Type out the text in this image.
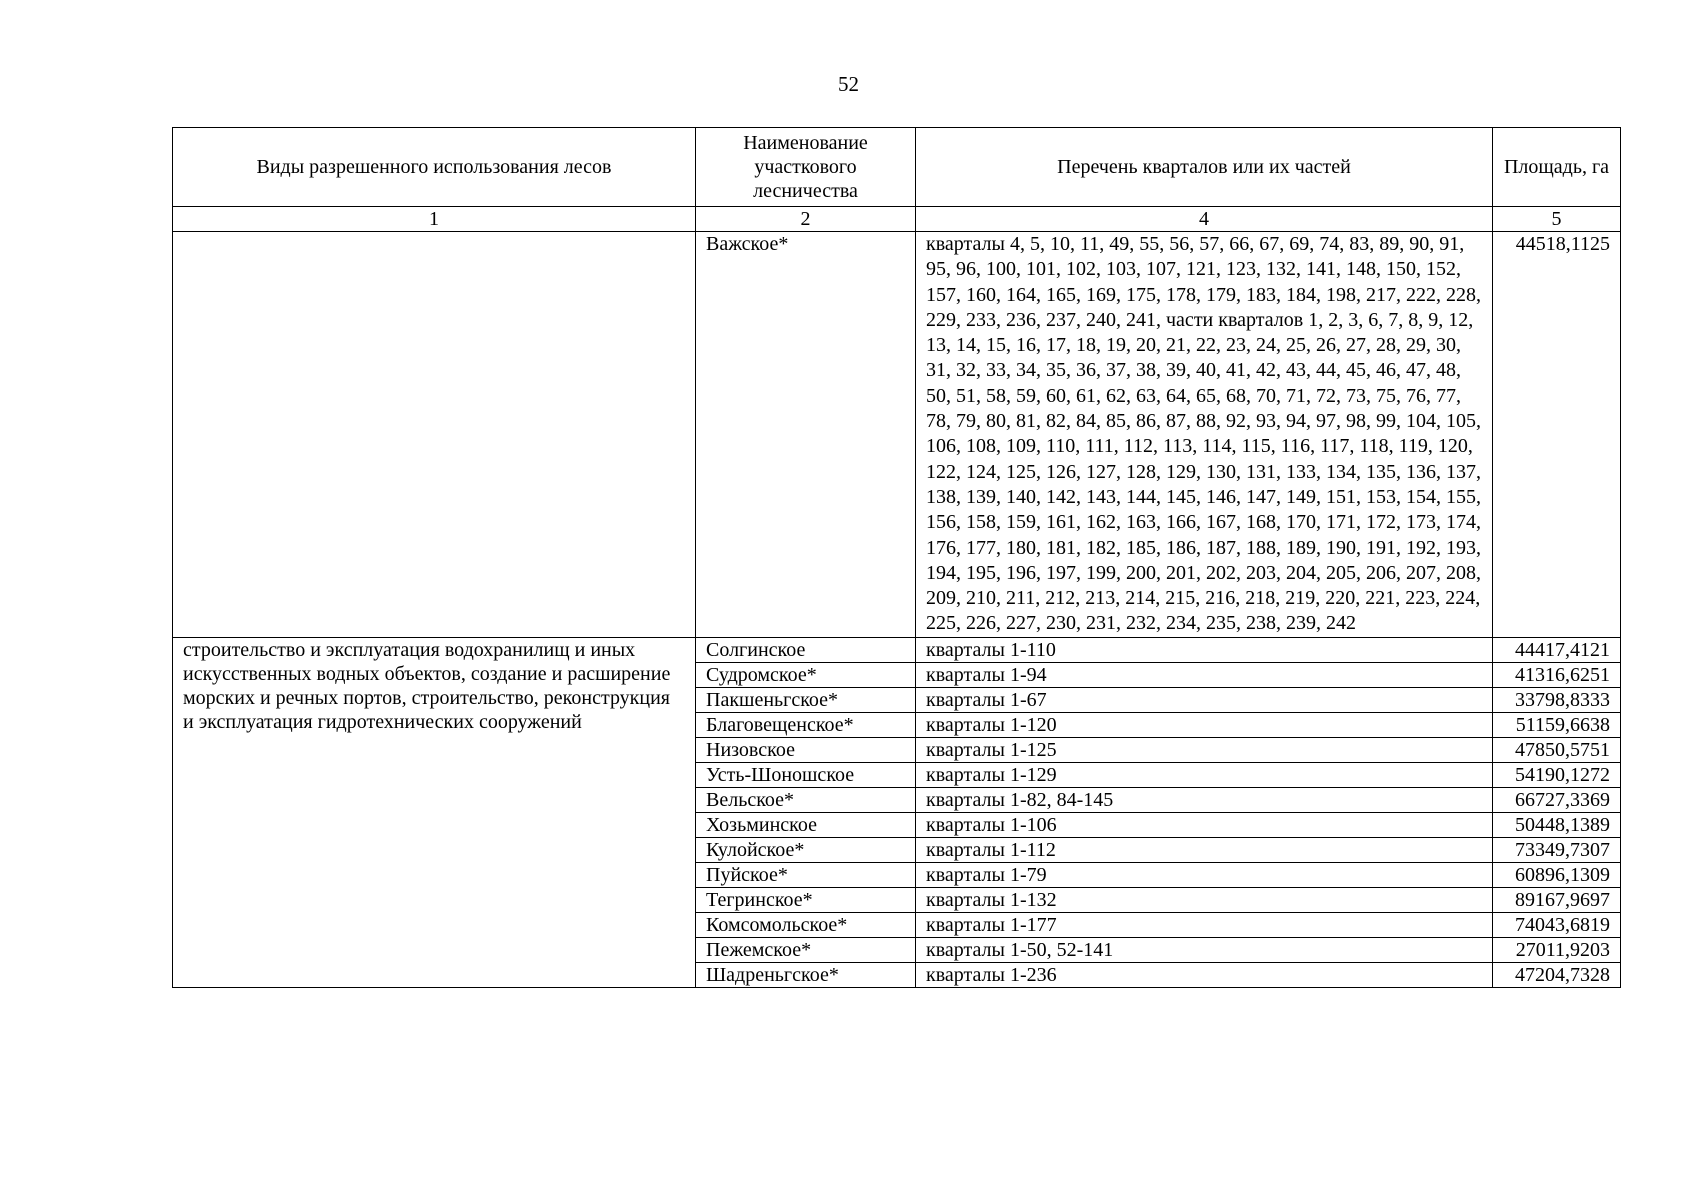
52
Виды разрешенного использования лесов	Наименование участкового лесничества	Перечень кварталов или их частей	Площадь, га
1	2	4	5
	Важское*	кварталы 4, 5, 10, 11, 49, 55, 56, 57, 66, 67, 69, 74, 83, 89, 90, 91, 95, 96, 100, 101, 102, 103, 107, 121, 123, 132, 141, 148, 150, 152, 157, 160, 164, 165, 169, 175, 178, 179, 183, 184, 198, 217, 222, 228, 229, 233, 236, 237, 240, 241, части кварталов 1, 2, 3, 6, 7, 8, 9, 12, 13, 14, 15, 16, 17, 18, 19, 20, 21, 22, 23, 24, 25, 26, 27, 28, 29, 30, 31, 32, 33, 34, 35, 36, 37, 38, 39, 40, 41, 42, 43, 44, 45, 46, 47, 48, 50, 51, 58, 59, 60, 61, 62, 63, 64, 65, 68, 70, 71, 72, 73, 75, 76, 77, 78, 79, 80, 81, 82, 84, 85, 86, 87, 88, 92, 93, 94, 97, 98, 99, 104, 105, 106, 108, 109, 110, 111, 112, 113, 114, 115, 116, 117, 118, 119, 120, 122, 124, 125, 126, 127, 128, 129, 130, 131, 133, 134, 135, 136, 137, 138, 139, 140, 142, 143, 144, 145, 146, 147, 149, 151, 153, 154, 155, 156, 158, 159, 161, 162, 163, 166, 167, 168, 170, 171, 172, 173, 174, 176, 177, 180, 181, 182, 185, 186, 187, 188, 189, 190, 191, 192, 193, 194, 195, 196, 197, 199, 200, 201, 202, 203, 204, 205, 206, 207, 208, 209, 210, 211, 212, 213, 214, 215, 216, 218, 219, 220, 221, 223, 224, 225, 226, 227, 230, 231, 232, 234, 235, 238, 239, 242	44518,1125
строительство и эксплуатация водохранилищ и иных искусственных водных объектов, создание и расширение морских и речных портов, строительство, реконструкция и эксплуатация гидротехнических сооружений	Солгинское	кварталы 1-110	44417,4121
	Судромское*	кварталы 1-94	41316,6251
	Пакшеньгское*	кварталы 1-67	33798,8333
	Благовещенское*	кварталы 1-120	51159,6638
	Низовское	кварталы 1-125	47850,5751
	Усть-Шоношское	кварталы 1-129	54190,1272
	Вельское*	кварталы 1-82, 84-145	66727,3369
	Хозьминское	кварталы 1-106	50448,1389
	Кулойское*	кварталы 1-112	73349,7307
	Пуйское*	кварталы 1-79	60896,1309
	Тегринское*	кварталы 1-132	89167,9697
	Комсомольское*	кварталы 1-177	74043,6819
	Пежемское*	кварталы 1-50, 52-141	27011,9203
	Шадреньгское*	кварталы 1-236	47204,7328
